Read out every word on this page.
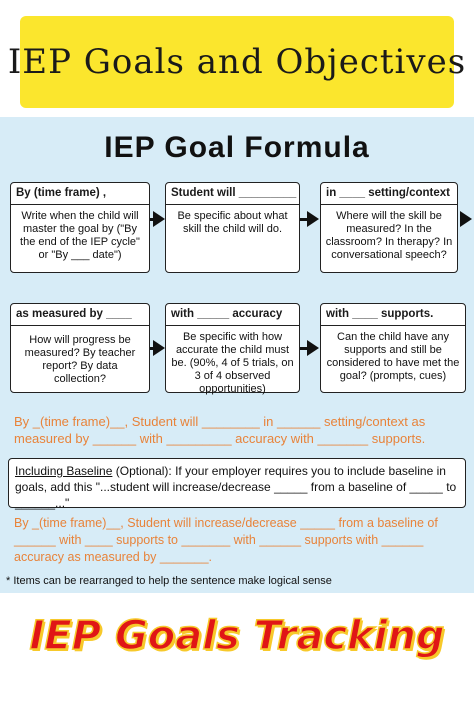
IEP Goals and Objectives
IEP Goal Formula
By (time frame) ,
Write when the child will master the goal by ("By the end of the IEP cycle" or "By ___ date")
Student will _________
Be specific about what skill the child will do.
in ____ setting/context
Where will the skill be measured? In the classroom? In therapy? In conversational speech?
as measured by ____
How will progress be measured? By teacher report? By data collection?
with _____ accuracy
Be specific with how accurate the child must be. (90%, 4 of 5 trials, on 3 of 4 observed opportunities)
with ____ supports.
Can the child have any supports and still be considered to have met the goal? (prompts, cues)
By _(time frame)__, Student will ________ in ______ setting/context as measured by ______ with _________ accuracy with _______ supports.
Including Baseline (Optional): If your employer requires you to include baseline in goals, add this "...student will increase/decrease _____ from a baseline of _____ to ______..."
By _(time frame)__, Student will increase/decrease _____ from a baseline of ______ with ____ supports to _______ with ______ supports with ______ accuracy as measured by _______.
* Items can be rearranged to help the sentence make logical sense
IEP Goals Tracking
